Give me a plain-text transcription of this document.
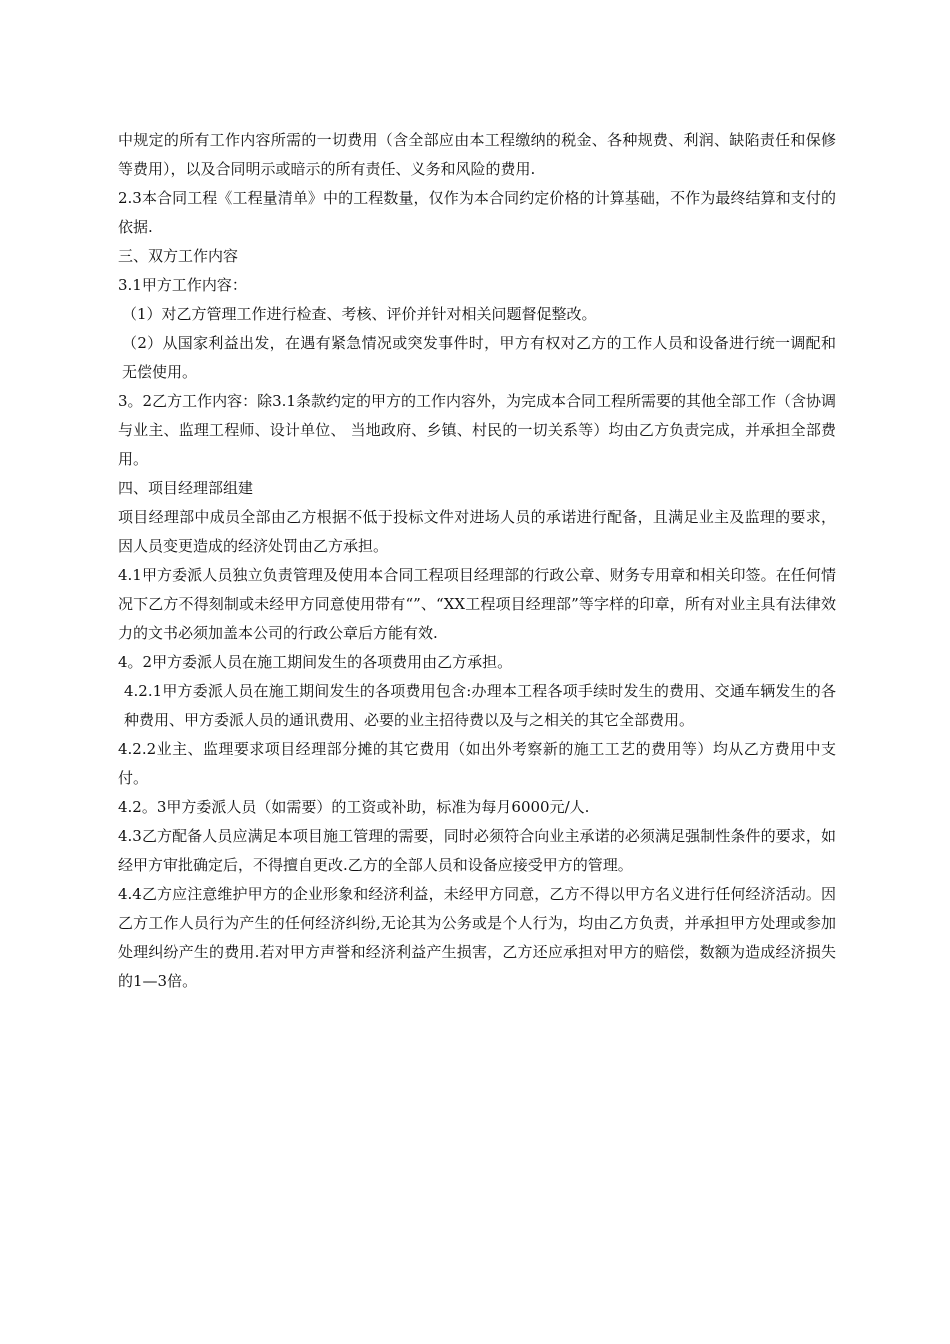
中规定的所有工作内容所需的一切费用（含全部应由本工程缴纳的税金、各种规费、利润、缺陷责任和保修等费用），以及合同明示或暗示的所有责任、义务和风险的费用.

2.3本合同工程《工程量清单》中的工程数量，仅作为本合同约定价格的计算基础，不作为最终结算和支付的依据.

三、双方工作内容

3.1甲方工作内容：

（1）对乙方管理工作进行检查、考核、评价并针对相关问题督促整改。

（2）从国家利益出发，在遇有紧急情况或突发事件时，甲方有权对乙方的工作人员和设备进行统一调配和无偿使用。

3。2乙方工作内容：除3.1条款约定的甲方的工作内容外，为完成本合同工程所需要的其他全部工作（含协调与业主、监理工程师、设计单位、 当地政府、乡镇、村民的一切关系等）均由乙方负责完成，并承担全部费用。

四、项目经理部组建

项目经理部中成员全部由乙方根据不低于投标文件对进场人员的承诺进行配备，且满足业主及监理的要求，因人员变更造成的经济处罚由乙方承担。

4.1甲方委派人员独立负责管理及使用本合同工程项目经理部的行政公章、财务专用章和相关印签。在任何情况下乙方不得刻制或未经甲方同意使用带有“”、“XX工程项目经理部”等字样的印章，所有对业主具有法律效力的文书必须加盖本公司的行政公章后方能有效.

4。2甲方委派人员在施工期间发生的各项费用由乙方承担。

4.2.1甲方委派人员在施工期间发生的各项费用包含:办理本工程各项手续时发生的费用、交通车辆发生的各种费用、甲方委派人员的通讯费用、必要的业主招待费以及与之相关的其它全部费用。

4.2.2业主、监理要求项目经理部分摊的其它费用（如出外考察新的施工工艺的费用等）均从乙方费用中支付。

4.2。3甲方委派人员（如需要）的工资或补助，标准为每月6000元/人.

4.3乙方配备人员应满足本项目施工管理的需要，同时必须符合向业主承诺的必须满足强制性条件的要求，如经甲方审批确定后，不得擅自更改.乙方的全部人员和设备应接受甲方的管理。

4.4乙方应注意维护甲方的企业形象和经济利益，未经甲方同意，乙方不得以甲方名义进行任何经济活动。因乙方工作人员行为产生的任何经济纠纷,无论其为公务或是个人行为，均由乙方负责，并承担甲方处理或参加处理纠纷产生的费用.若对甲方声誉和经济利益产生损害，乙方还应承担对甲方的赔偿，数额为造成经济损失的1—3倍。
